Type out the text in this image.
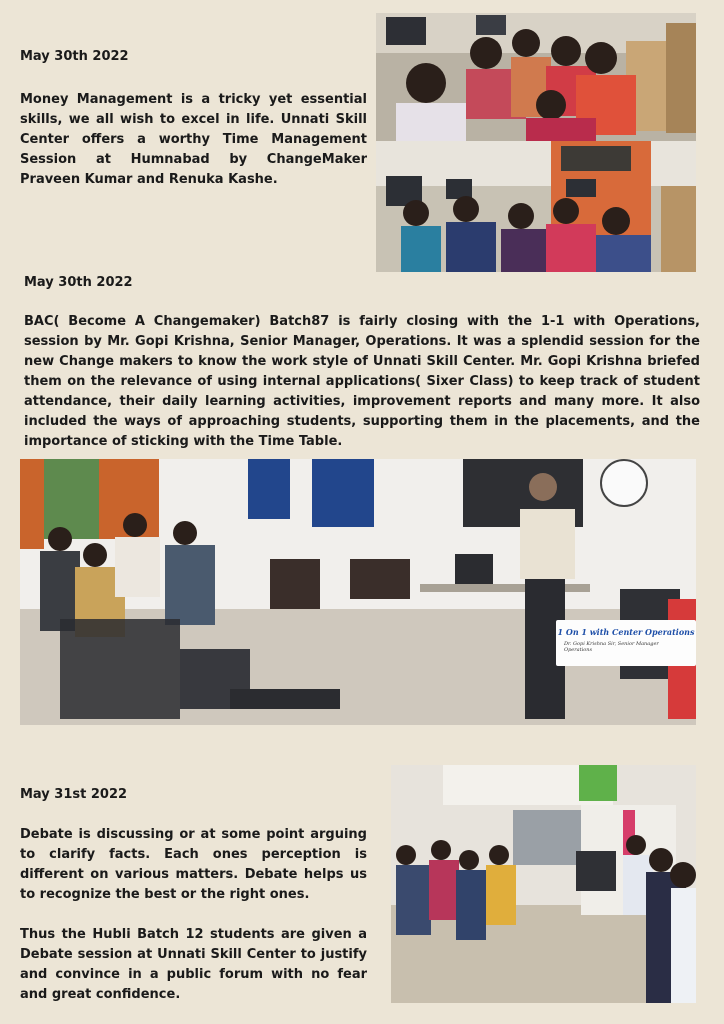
May 30th 2022
Money Management is a tricky yet essential skills, we all wish to excel in life. Unnati Skill Center offers a worthy Time Management Session at Humnabad by ChangeMaker Praveen Kumar and Renuka Kashe.
May 30th 2022
BAC( Become A Changemaker) Batch87 is fairly closing with the 1-1 with Operations, session by Mr. Gopi Krishna, Senior Manager, Operations. It was a splendid session for the new Change makers to know the work style of Unnati Skill Center. Mr. Gopi Krishna briefed them on the relevance of using internal applications( Sixer Class) to keep track of student attendance, their daily learning activities, improvement reports and many more. It also included the ways of approaching students, supporting them in the placements, and the importance of sticking with the Time Table.
1 On 1 with Center Operations
Dr. Gopi Krishna Sir, Senior Manager Operations
May 31st 2022
Debate is discussing or at some point arguing to clarify facts. Each ones perception is different on various matters. Debate helps us to recognize the best or the right ones.
Thus the Hubli Batch 12 students are given a Debate session at Unnati Skill Center to justify and convince in a public forum with no fear and great confidence.
